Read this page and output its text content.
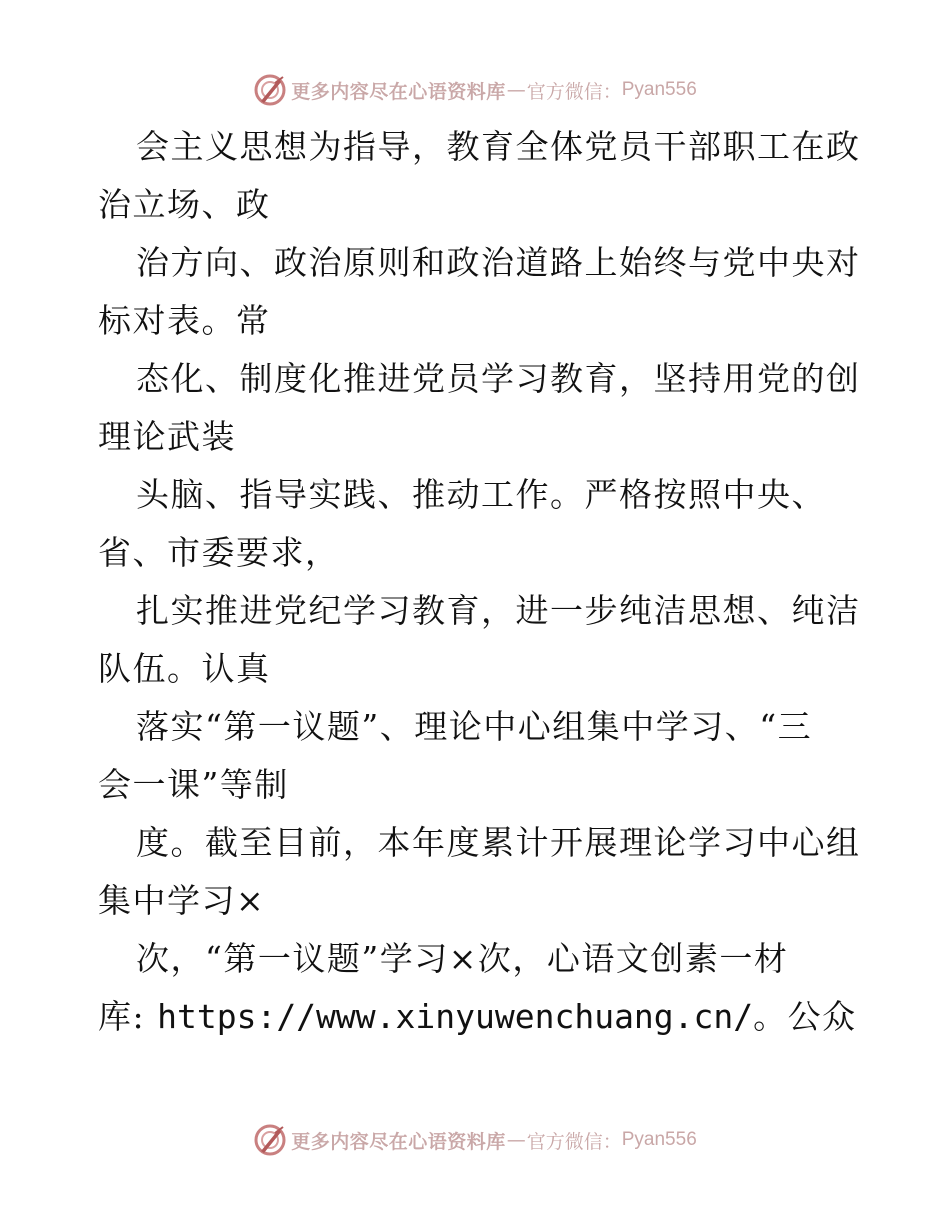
更多内容尽在心语资料库 — 官方微信： Pyan556
会主义思想为指导，教育全体党员干部职工在政
治立场、政
治方向、政治原则和政治道路上始终与党中央对
标对表。常
态化、制度化推进党员学习教育，坚持用党的创
理论武装
头脑、指导实践、推动工作。严格按照中央、
省、市委要求，
扎实推进党纪学习教育，进一步纯洁思想、纯洁
队伍。认真
落实“第一议题”、理论中心组集中学习、“三
会一课”等制
度。截至目前，本年度累计开展理论学习中心组
集中学习×
次，“第一议题”学习×次，心语文创素一材
库: https://www.xinyuwenchuang.cn/。公众
更多内容尽在心语资料库 — 官方微信： Pyan556
